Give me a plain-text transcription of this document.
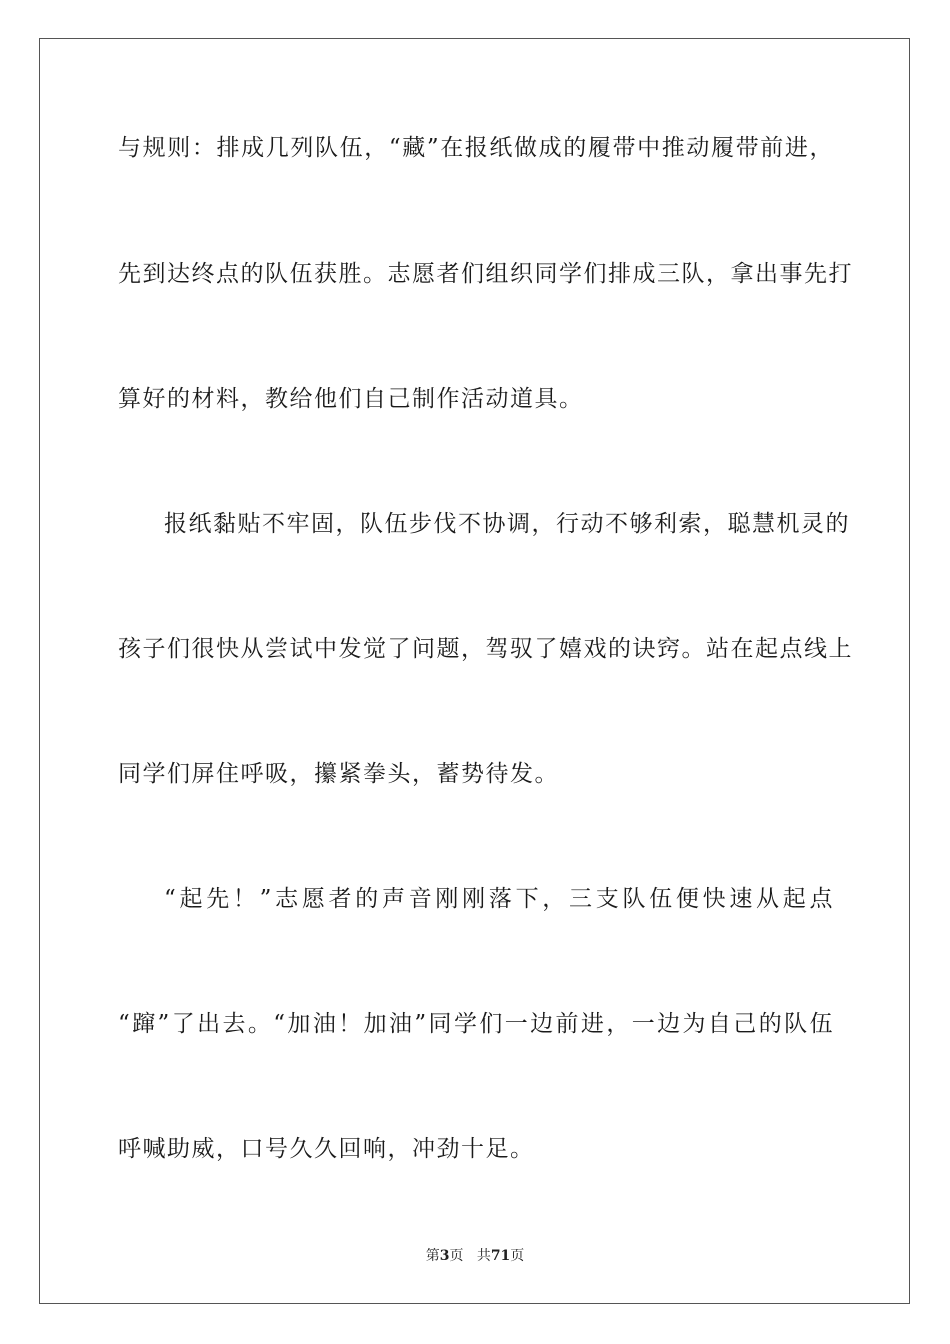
与规则：排成几列队伍，“藏”在报纸做成的履带中推动履带前进，
先到达终点的队伍获胜。志愿者们组织同学们排成三队，拿出事先打
算好的材料，教给他们自己制作活动道具。
报纸黏贴不牢固，队伍步伐不协调，行动不够利索，聪慧机灵的
孩子们很快从尝试中发觉了问题，驾驭了嬉戏的诀窍。站在起点线上
同学们屏住呼吸，攥紧拳头，蓄势待发。
“起先！”志愿者的声音刚刚落下，三支队伍便快速从起点
“蹿”了出去。“加油！加油”同学们一边前进，一边为自己的队伍
呼喊助威，口号久久回响，冲劲十足。
第3页 共71页
